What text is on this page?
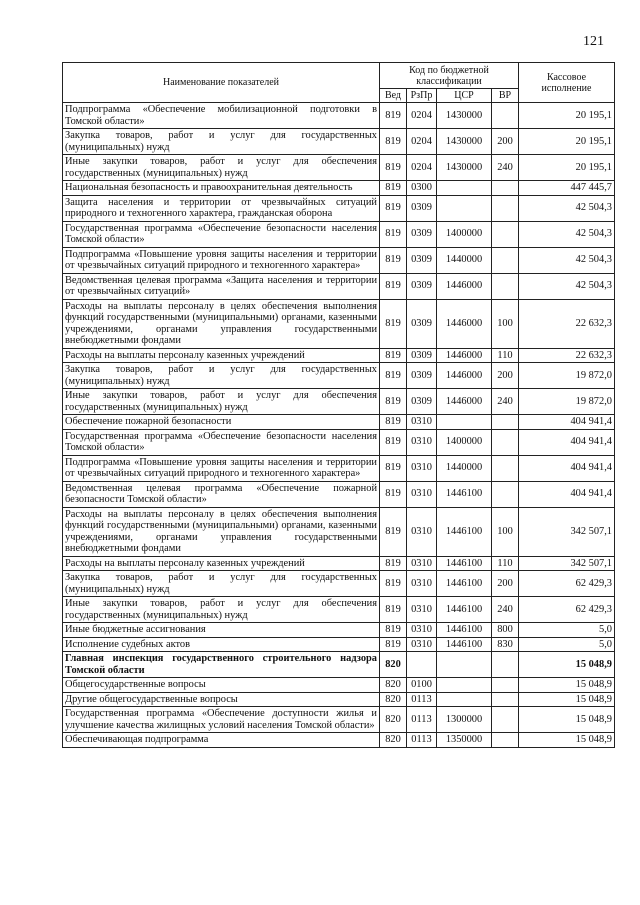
121
Наименование показателей	Код по бюджетной классификации				Кассовое исполнение
	Вед	РзПр	ЦСР	ВР	
Подпрограмма «Обеспечение мобилизационной подготовки в Томской области»	819	0204	1430000		20 195,1
Закупка товаров, работ и услуг для государственных (муниципальных) нужд	819	0204	1430000	200	20 195,1
Иные закупки товаров, работ и услуг для обеспечения государственных (муниципальных) нужд	819	0204	1430000	240	20 195,1
Национальная безопасность и правоохранительная деятельность	819	0300			447 445,7
Защита населения и территории от чрезвычайных ситуаций природного и техногенного характера, гражданская оборона	819	0309			42 504,3
Государственная программа «Обеспечение безопасности населения Томской области»	819	0309	1400000		42 504,3
Подпрограмма «Повышение уровня защиты населения и территории от чрезвычайных ситуаций природного и техногенного характера»	819	0309	1440000		42 504,3
Ведомственная целевая программа «Защита населения и территории от чрезвычайных ситуаций»	819	0309	1446000		42 504,3
Расходы на выплаты персоналу в целях обеспечения выполнения функций государственными (муниципальными) органами, казенными учреждениями, органами управления государственными внебюджетными фондами	819	0309	1446000	100	22 632,3
Расходы на выплаты персоналу казенных учреждений	819	0309	1446000	110	22 632,3
Закупка товаров, работ и услуг для государственных (муниципальных) нужд	819	0309	1446000	200	19 872,0
Иные закупки товаров, работ и услуг для обеспечения государственных (муниципальных) нужд	819	0309	1446000	240	19 872,0
Обеспечение пожарной безопасности	819	0310			404 941,4
Государственная программа «Обеспечение безопасности населения Томской области»	819	0310	1400000		404 941,4
Подпрограмма «Повышение уровня защиты населения и территории от чрезвычайных ситуаций природного и техногенного характера»	819	0310	1440000		404 941,4
Ведомственная целевая программа «Обеспечение пожарной безопасности Томской области»	819	0310	1446100		404 941,4
Расходы на выплаты персоналу в целях обеспечения выполнения функций государственными (муниципальными) органами, казенными учреждениями, органами управления государственными внебюджетными фондами	819	0310	1446100	100	342 507,1
Расходы на выплаты персоналу казенных учреждений	819	0310	1446100	110	342 507,1
Закупка товаров, работ и услуг для государственных (муниципальных) нужд	819	0310	1446100	200	62 429,3
Иные закупки товаров, работ и услуг для обеспечения государственных (муниципальных) нужд	819	0310	1446100	240	62 429,3
Иные бюджетные ассигнования	819	0310	1446100	800	5,0
Исполнение судебных актов	819	0310	1446100	830	5,0
Главная инспекция государственного строительного надзора Томской области	820				15 048,9
Общегосударственные вопросы	820	0100			15 048,9
Другие общегосударственные вопросы	820	0113			15 048,9
Государственная программа «Обеспечение доступности жилья и улучшение качества жилищных условий населения Томской области»	820	0113	1300000		15 048,9
Обеспечивающая подпрограмма	820	0113	1350000		15 048,9
